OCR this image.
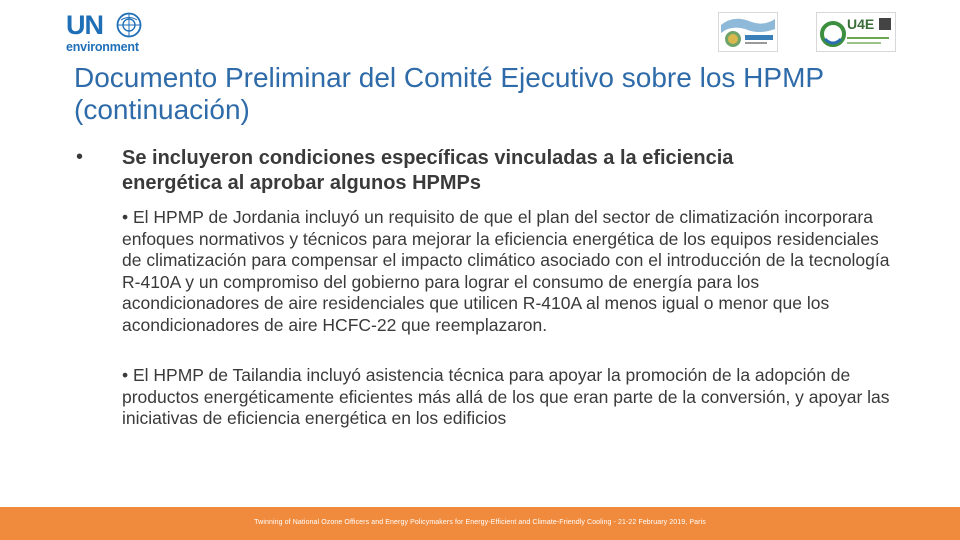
UN
environment
U4E
Documento Preliminar del Comité Ejecutivo sobre los HPMP (continuación)
• Se incluyeron condiciones específicas vinculadas a la eficiencia energética al aprobar algunos HPMPs

• El HPMP de Jordania incluyó un requisito de que el plan del sector de climatización incorporara enfoques normativos y técnicos para mejorar la eficiencia energética de los equipos residenciales de climatización para compensar el impacto climático asociado con el introducción de la tecnología R-410A y un compromiso del gobierno para lograr el consumo de energía para los acondicionadores de aire residenciales que utilicen R-410A al menos igual o menor que los acondicionadores de aire HCFC-22 que reemplazaron.

• El HPMP de Tailandia incluyó asistencia técnica para apoyar la promoción de la adopción de productos energéticamente eficientes más allá de los que eran parte de la conversión, y apoyar las iniciativas de eficiencia energética en los edificios

Twinning of National Ozone Officers and Energy Policymakers for Energy-Efficient and Climate-Friendly Cooling - 21-22 February 2019, Paris
